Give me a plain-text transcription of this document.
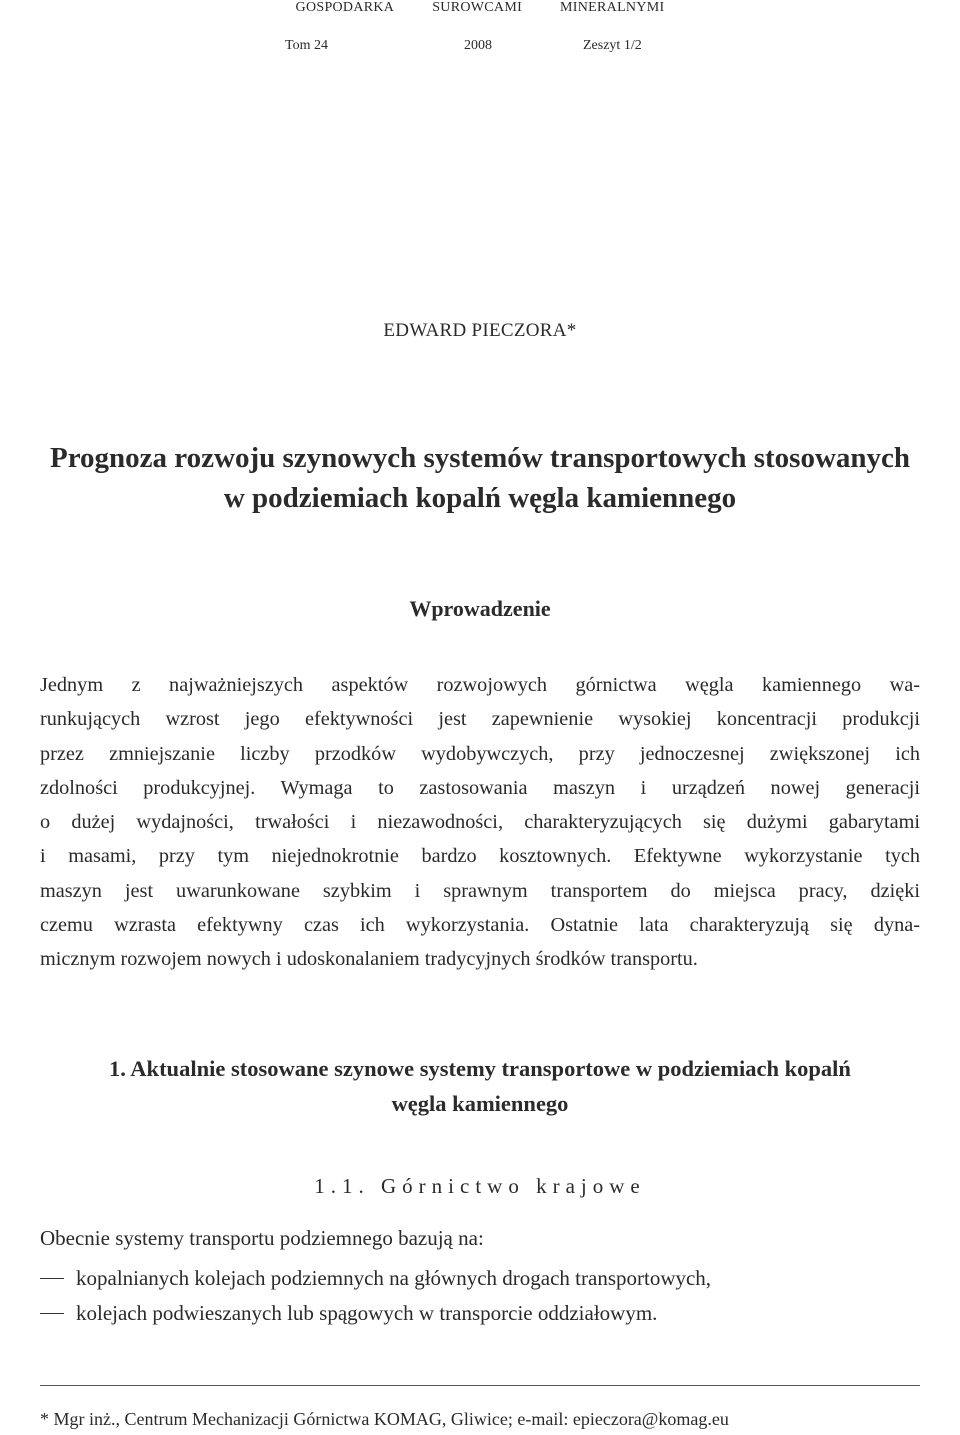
GOSPODARKA	SUROWCAMI	MINERALNYMI
Tom 24	2008	Zeszyt 1/2
EDWARD PIECZORA*
Prognoza rozwoju szynowych systemów transportowych stosowanych
w podziemiach kopalń węgla kamiennego
Wprowadzenie
Jednym z najważniejszych aspektów rozwojowych górnictwa węgla kamiennego wa-
runkujących wzrost jego efektywności jest zapewnienie wysokiej koncentracji produkcji
przez zmniejszanie liczby przodków wydobywczych, przy jednoczesnej zwiększonej ich
zdolności produkcyjnej. Wymaga to zastosowania maszyn i urządzeń nowej generacji
o dużej wydajności, trwałości i niezawodności, charakteryzujących się dużymi gabarytami
i masami, przy tym niejednokrotnie bardzo kosztownych. Efektywne wykorzystanie tych
maszyn jest uwarunkowane szybkim i sprawnym transportem do miejsca pracy, dzięki
czemu wzrasta efektywny czas ich wykorzystania. Ostatnie lata charakteryzują się dyna-
micznym rozwojem nowych i udoskonalaniem tradycyjnych środków transportu.
1. Aktualnie stosowane szynowe systemy transportowe w podziemiach kopalń
węgla kamiennego
1.1. Górnictwo krajowe
Obecnie systemy transportu podziemnego bazują na:
kopalnianych kolejach podziemnych na głównych drogach transportowych,
kolejach podwieszanych lub spągowych w transporcie oddziałowym.
* Mgr inż., Centrum Mechanizacji Górnictwa KOMAG, Gliwice; e-mail: epieczora@komag.eu
